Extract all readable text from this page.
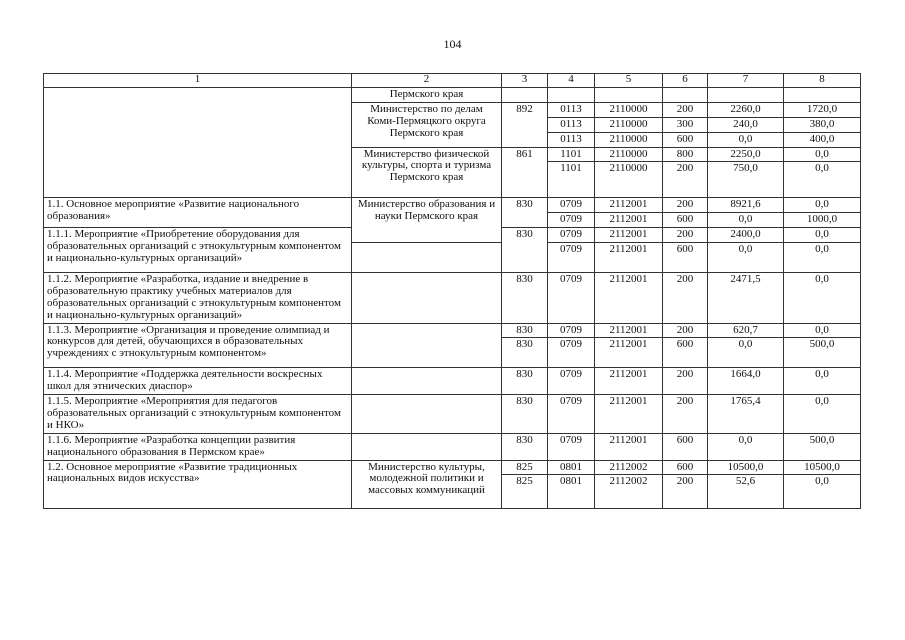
104
1	2	3	4	5	6	7	8
	Пермского края						
	Министерство по делам Коми-Пермяцкого округа Пермского края	892	0113	2110000	200	2260,0	1720,0
			0113	2110000	300	240,0	380,0
			0113	2110000	600	0,0	400,0
	Министерство физической культуры, спорта и туризма Пермского края	861	1101	2110000	800	2250,0	0,0
			1101	2110000	200	750,0	0,0
1.1. Основное мероприятие «Развитие национального образования»	Министерство образования и науки Пермского края	830	0709	2112001	200	8921,6	0,0
			0709	2112001	600	0,0	1000,0
1.1.1. Мероприятие «Приобретение оборудования для образовательных организаций с этнокультурным компонентом и национально-культурных организаций»		830	0709	2112001	200	2400,0	0,0
			0709	2112001	600	0,0	0,0
1.1.2. Мероприятие «Разработка, издание и внедрение в образовательную практику учебных материалов для образовательных организаций с этнокультурным компонентом и национально-культурных организаций»		830	0709	2112001	200	2471,5	0,0
1.1.3. Мероприятие «Организация и проведение олимпиад и конкурсов для детей, обучающихся в образовательных учреждениях с этнокультурным компонентом»		830	0709	2112001	200	620,7	0,0
		830	0709	2112001	600	0,0	500,0
1.1.4. Мероприятие «Поддержка деятельности воскресных школ для этнических диаспор»		830	0709	2112001	200	1664,0	0,0
1.1.5. Мероприятие «Мероприятия для педагогов образовательных организаций с этнокультурным компонентом и НКО»		830	0709	2112001	200	1765,4	0,0
1.1.6. Мероприятие «Разработка концепции развития национального образования в Пермском крае»		830	0709	2112001	600	0,0	500,0
1.2. Основное мероприятие «Развитие традиционных национальных видов искусства»	Министерство культуры, молодежной политики и массовых коммуникаций	825	0801	2112002	600	10500,0	10500,0
		825	0801	2112002	200	52,6	0,0
